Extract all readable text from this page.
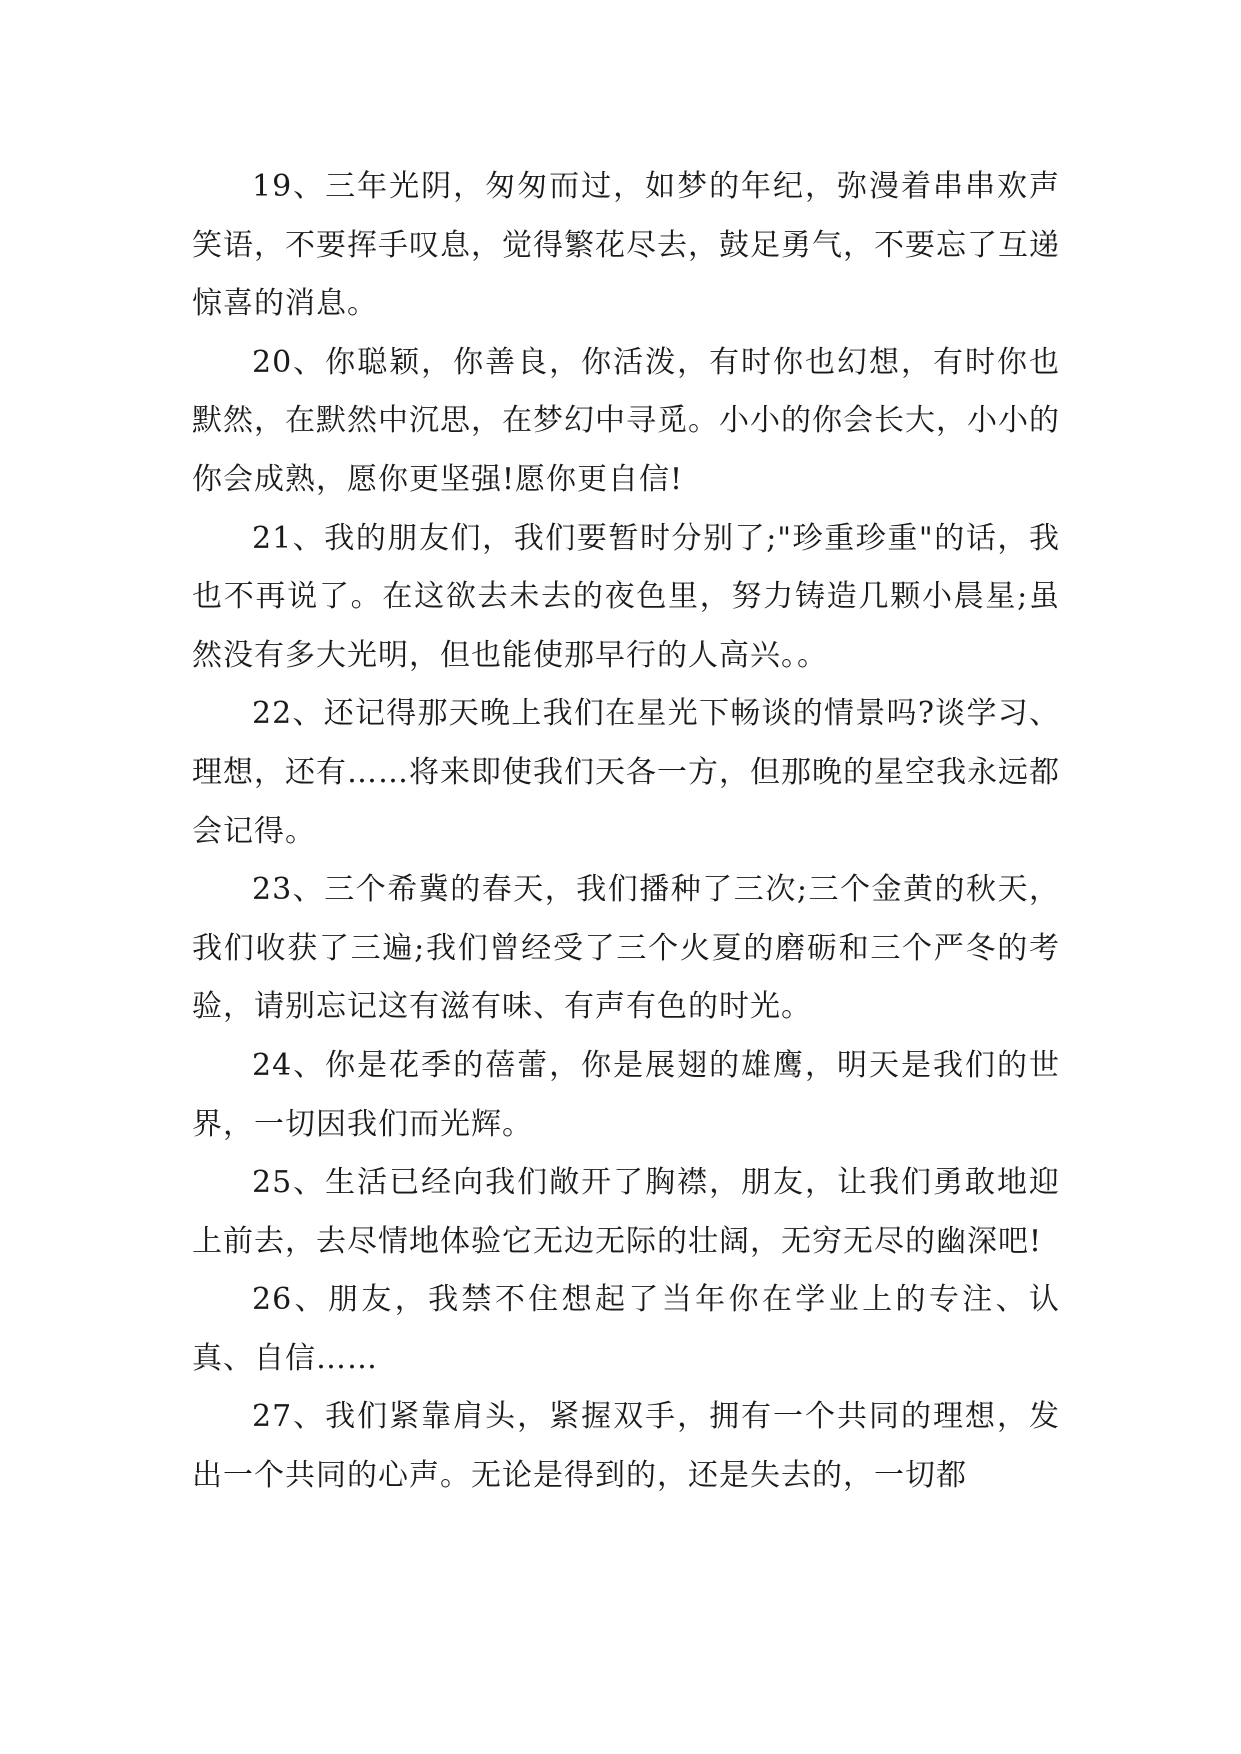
19、三年光阴，匆匆而过，如梦的年纪，弥漫着串串欢声笑语，不要挥手叹息，觉得繁花尽去，鼓足勇气，不要忘了互递惊喜的消息。

20、你聪颖，你善良，你活泼，有时你也幻想，有时你也默然，在默然中沉思，在梦幻中寻觅。小小的你会长大，小小的你会成熟，愿你更坚强!愿你更自信!

21、我的朋友们，我们要暂时分别了;"珍重珍重"的话，我也不再说了。在这欲去未去的夜色里，努力铸造几颗小晨星;虽然没有多大光明，但也能使那早行的人高兴。。

22、还记得那天晚上我们在星光下畅谈的情景吗?谈学习、理想，还有……将来即使我们天各一方，但那晚的星空我永远都会记得。

23、三个希冀的春天，我们播种了三次;三个金黄的秋天，我们收获了三遍;我们曾经受了三个火夏的磨砺和三个严冬的考验，请别忘记这有滋有味、有声有色的时光。

24、你是花季的蓓蕾，你是展翅的雄鹰，明天是我们的世界，一切因我们而光辉。

25、生活已经向我们敞开了胸襟，朋友，让我们勇敢地迎上前去，去尽情地体验它无边无际的壮阔，无穷无尽的幽深吧!

26、朋友，我禁不住想起了当年你在学业上的专注、认真、自信……

27、我们紧靠肩头，紧握双手，拥有一个共同的理想，发出一个共同的心声。无论是得到的，还是失去的，一切都
